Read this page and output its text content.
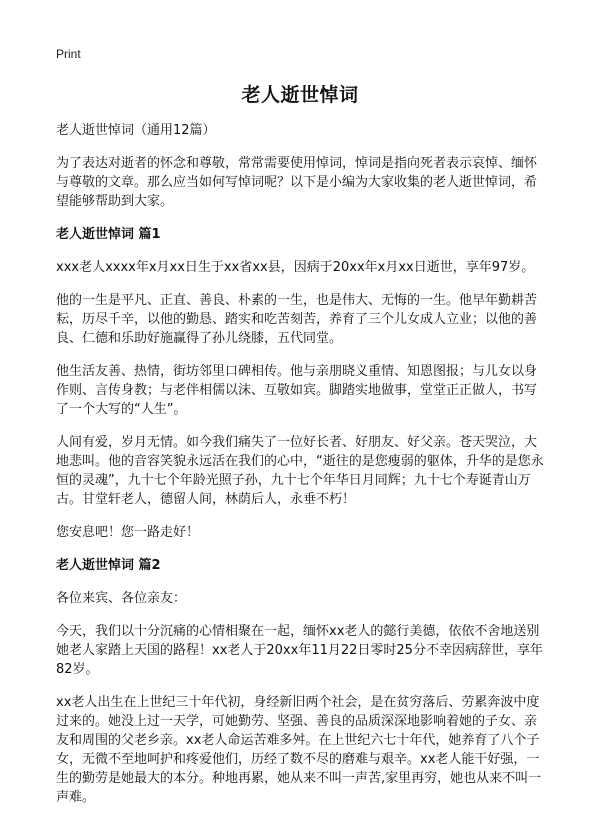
Print
老人逝世悼词

老人逝世悼词（通用12篇）

为了表达对逝者的怀念和尊敬，常常需要使用悼词，悼词是指向死者表示哀悼、缅怀与尊敬的文章。那么应当如何写悼词呢？以下是小编为大家收集的老人逝世悼词，希望能够帮助到大家。

老人逝世悼词 篇1

xxx老人xxxx年x月xx日生于xx省xx县，因病于20xx年x月xx日逝世，享年97岁。

他的一生是平凡、正直、善良、朴素的一生，也是伟大、无悔的一生。他早年勤耕苦耘，历尽千辛，以他的勤恳、踏实和吃苦刻苦，养育了三个儿女成人立业；以他的善良、仁德和乐助好施赢得了孙儿绕膝，五代同堂。

他生活友善、热情，街坊邻里口碑相传。他与亲朋晓义重情、知恩图报；与儿女以身作则、言传身教；与老伴相儒以沫、互敬如宾。脚踏实地做事，堂堂正正做人，书写了一个大写的“人生”。

人间有爱，岁月无情。如今我们痛失了一位好长者、好朋友、好父亲。苍天哭泣，大地悲叫。他的音容笑貌永远活在我们的心中，“逝往的是您瘦弱的躯体，升华的是您永恒的灵魂”，九十七个年龄光照子孙，九十七个年华日月同辉；九十七个寿诞青山万古。甘堂轩老人，德留人间，林荫后人，永垂不朽！

您安息吧！您一路走好！

老人逝世悼词 篇2

各位来宾、各位亲友：

今天，我们以十分沉痛的心情相聚在一起，缅怀xx老人的懿行美德，依依不舍地送别她老人家踏上天国的路程！xx老人于20xx年11月22日零时25分不幸因病辞世，享年82岁。

xx老人出生在上世纪三十年代初，身经新旧两个社会，是在贫穷落后、劳累奔波中度过来的。她没上过一天学，可她勤劳、坚强、善良的品质深深地影响着她的子女、亲友和周围的父老乡亲。xx老人命运苦难多舛。在上世纪六七十年代，她养育了八个子女，无微不至地呵护和疼爱他们，历经了数不尽的磨难与艰辛。xx老人能干好强，一生的勤劳是她最大的本分。种地再累，她从来不叫一声苦,家里再穷，她也从来不叫一声难。
